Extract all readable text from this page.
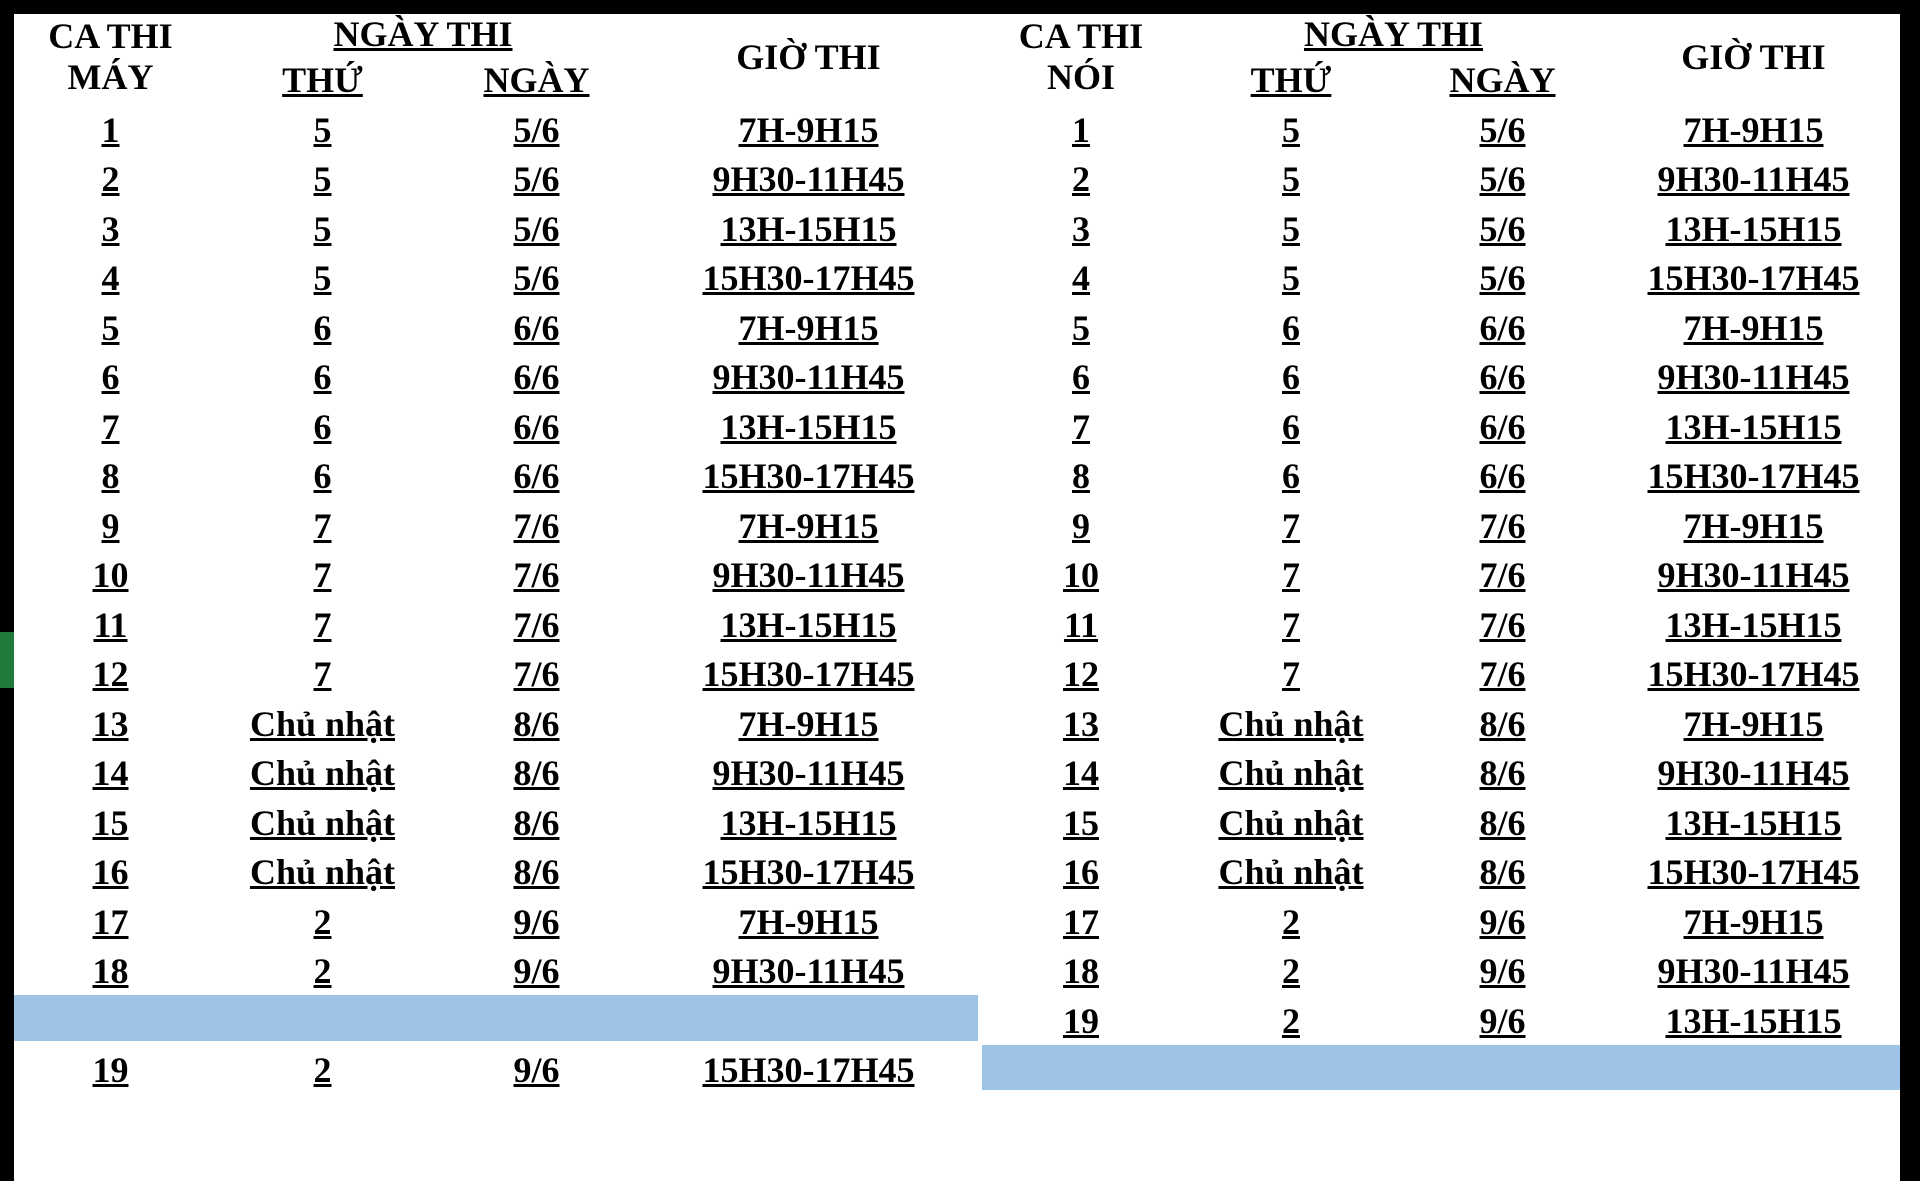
CA THI
MÁY
NGÀY THI
THỨ	NGÀY
GIỜ THI
CA THI
NÓI
NGÀY THI
THỨ	NGÀY
GIỜ THI
1	5	5/6	7H-9H15
2	5	5/6	9H30-11H45
3	5	5/6	13H-15H15
4	5	5/6	15H30-17H45
5	6	6/6	7H-9H15
6	6	6/6	9H30-11H45
7	6	6/6	13H-15H15
8	6	6/6	15H30-17H45
9	7	7/6	7H-9H15
10	7	7/6	9H30-11H45
11	7	7/6	13H-15H15
12	7	7/6	15H30-17H45
13	Chủ nhật	8/6	7H-9H15
14	Chủ nhật	8/6	9H30-11H45
15	Chủ nhật	8/6	13H-15H15
16	Chủ nhật	8/6	15H30-17H45
17	2	9/6	7H-9H15
18	2	9/6	9H30-11H45
19	2	9/6	15H30-17H45
1	5	5/6	7H-9H15
2	5	5/6	9H30-11H45
3	5	5/6	13H-15H15
4	5	5/6	15H30-17H45
5	6	6/6	7H-9H15
6	6	6/6	9H30-11H45
7	6	6/6	13H-15H15
8	6	6/6	15H30-17H45
9	7	7/6	7H-9H15
10	7	7/6	9H30-11H45
11	7	7/6	13H-15H15
12	7	7/6	15H30-17H45
13	Chủ nhật	8/6	7H-9H15
14	Chủ nhật	8/6	9H30-11H45
15	Chủ nhật	8/6	13H-15H15
16	Chủ nhật	8/6	15H30-17H45
17	2	9/6	7H-9H15
18	2	9/6	9H30-11H45
19	2	9/6	13H-15H15
